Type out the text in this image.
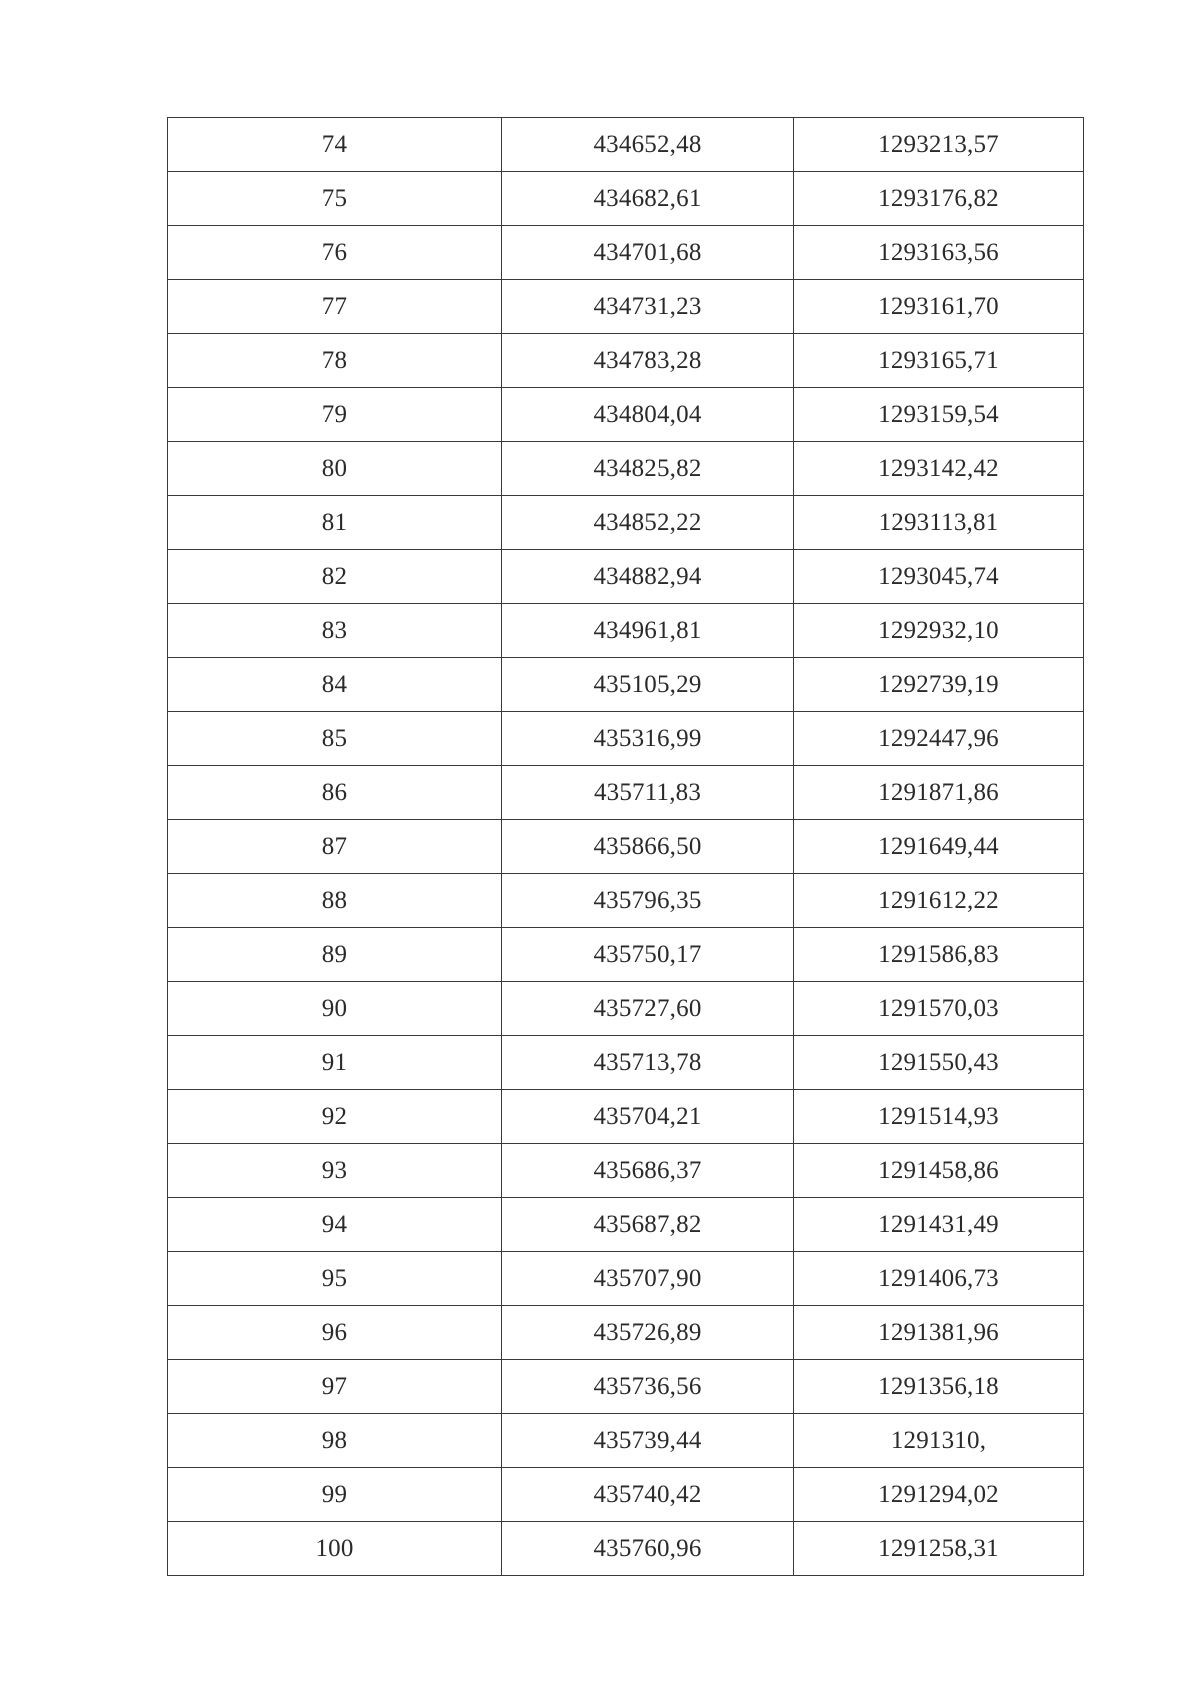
74	434652,48	1293213,57
75	434682,61	1293176,82
76	434701,68	1293163,56
77	434731,23	1293161,70
78	434783,28	1293165,71
79	434804,04	1293159,54
80	434825,82	1293142,42
81	434852,22	1293113,81
82	434882,94	1293045,74
83	434961,81	1292932,10
84	435105,29	1292739,19
85	435316,99	1292447,96
86	435711,83	1291871,86
87	435866,50	1291649,44
88	435796,35	1291612,22
89	435750,17	1291586,83
90	435727,60	1291570,03
91	435713,78	1291550,43
92	435704,21	1291514,93
93	435686,37	1291458,86
94	435687,82	1291431,49
95	435707,90	1291406,73
96	435726,89	1291381,96
97	435736,56	1291356,18
98	435739,44	1291310,
99	435740,42	1291294,02
100	435760,96	1291258,31
